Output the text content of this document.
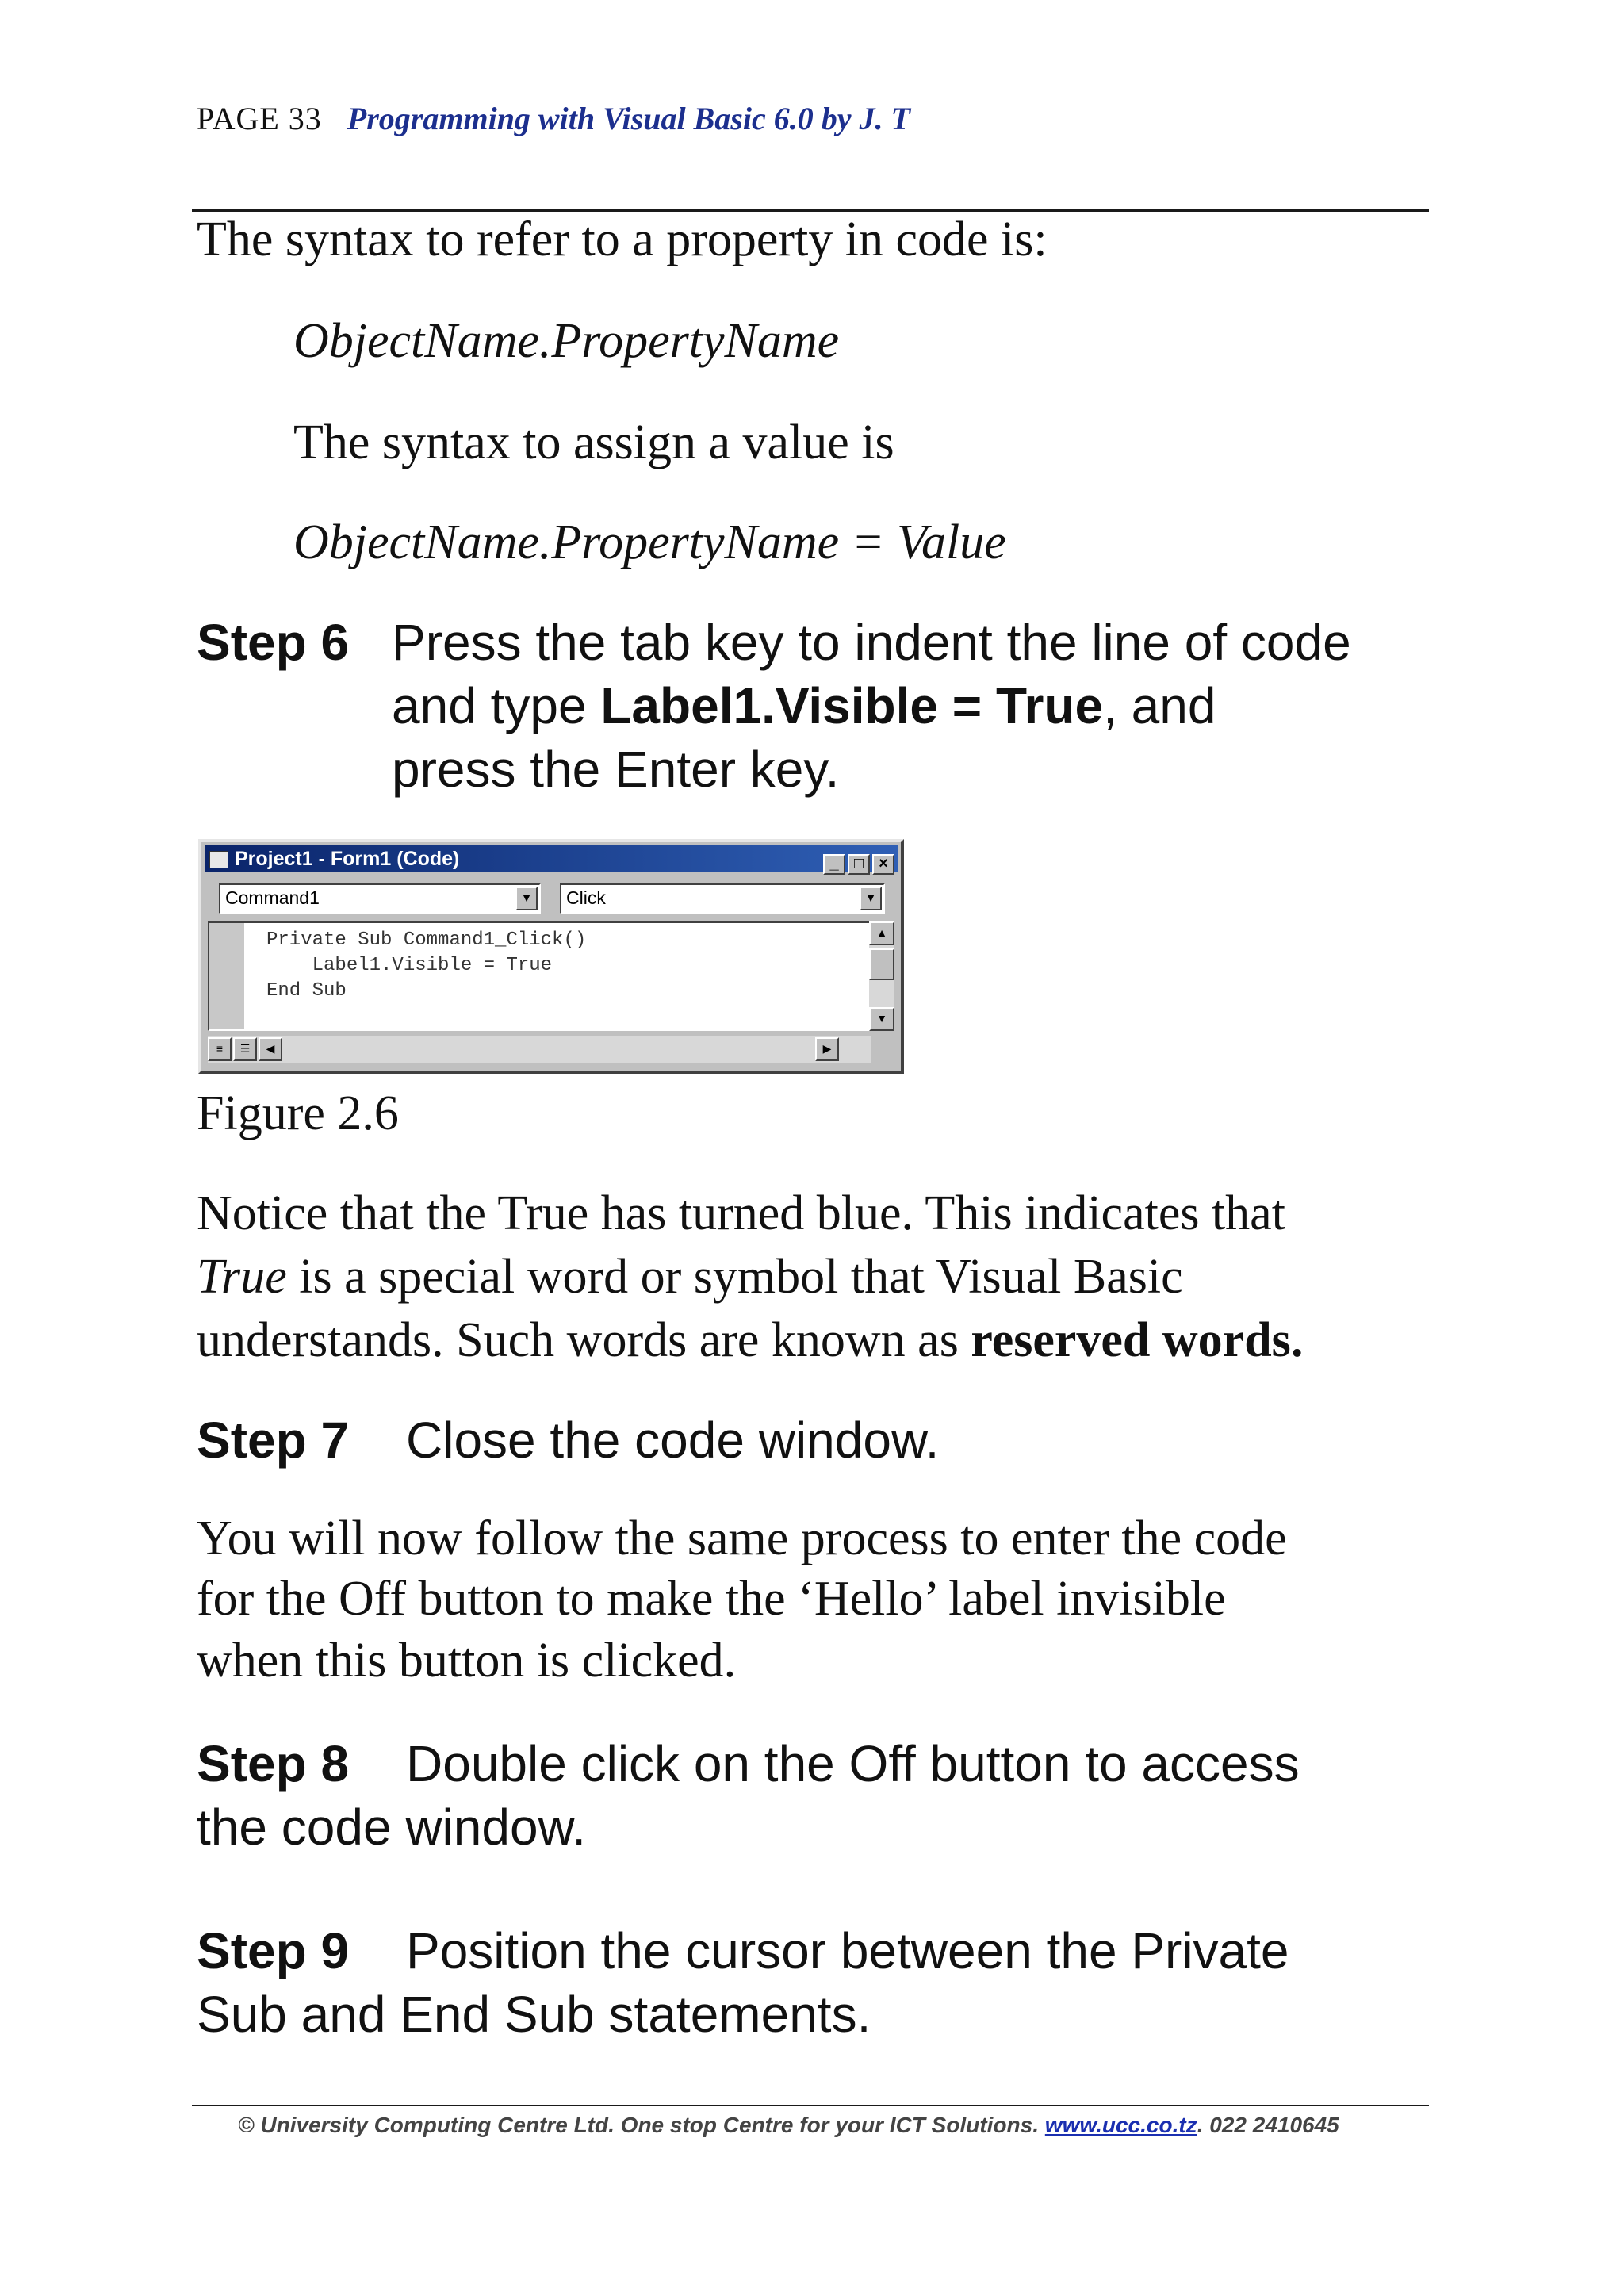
PAGE 33 Programming with Visual Basic 6.0 by J. T
The syntax to refer to a property in code is:
ObjectName.PropertyName
The syntax to assign a value is
ObjectName.PropertyName = Value
Step 6 Press the tab key to indent the line of code
and type Label1.Visible = True, and
press the Enter key.
Project1 - Form1 (Code)	_ □ ×
Command1	▼	Click	▼
Private Sub Command1_Click()
Label1.Visible = True
End Sub
▲
▼
≡	☰	◀	▶
Figure 2.6
Notice that the True has turned blue. This indicates that
True is a special word or symbol that Visual Basic
understands. Such words are known as reserved words.
Step 7 Close the code window.
You will now follow the same process to enter the code
for the Off button to make the ‘Hello’ label invisible
when this button is clicked.
Step 8 Double click on the Off button to access
the code window.
Step 9 Position the cursor between the Private
Sub and End Sub statements.
© University Computing Centre Ltd. One stop Centre for your ICT Solutions. www.ucc.co.tz. 022 2410645
